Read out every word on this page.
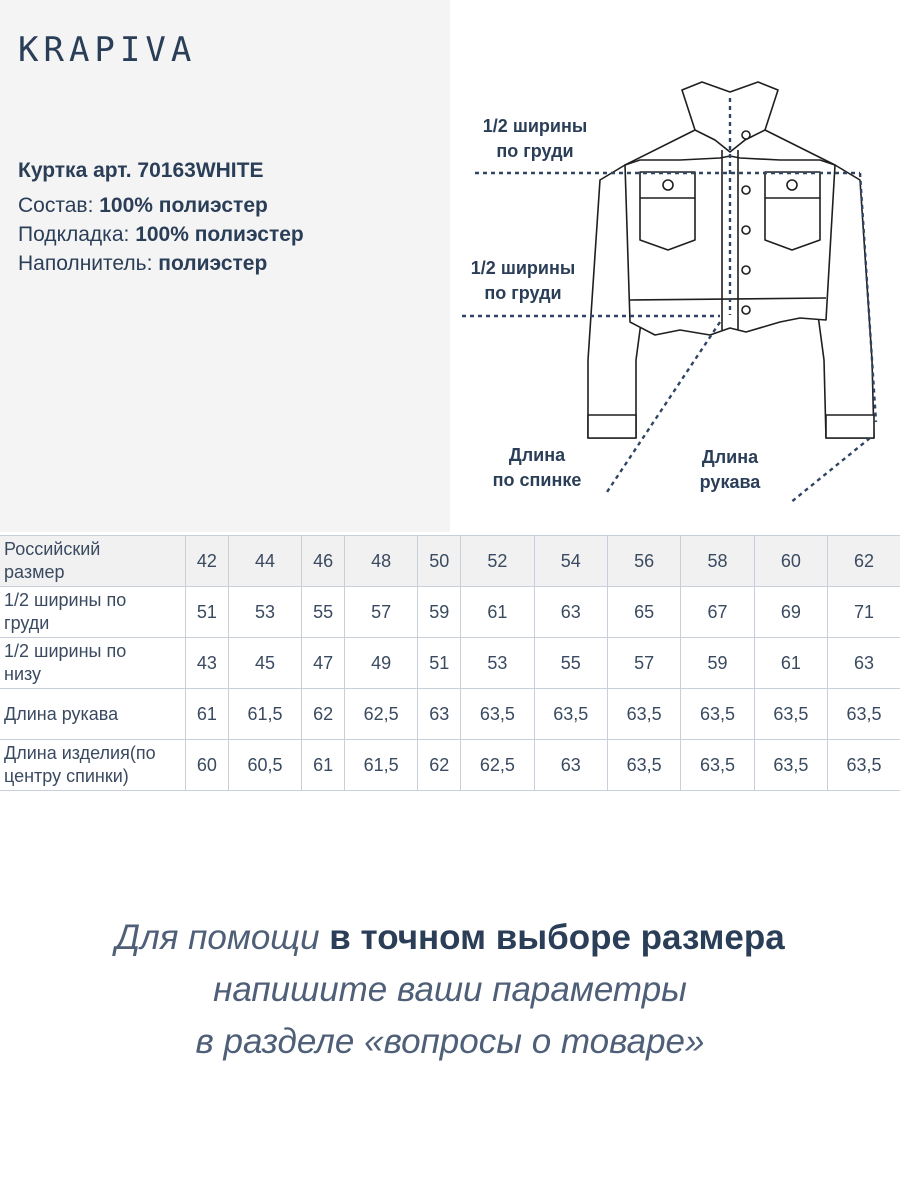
KRAPIVA
Куртка арт. 70163WHITE
Состав: 100% полиэстер
Подкладка: 100% полиэстер
Наполнитель: полиэстер
1/2 ширины
по груди
1/2 ширины
по груди
Длина
по спинке
Длина
рукава
Российский
размер	42	44	46	48	50	52	54	56	58	60	62

1/2 ширины по
груди	51	53	55	57	59	61	63	65	67	69	71

1/2 ширины по
низу	43	45	47	49	51	53	55	57	59	61	63

Длина рукава	61	61,5	62	62,5	63	63,5	63,5	63,5	63,5	63,5	63,5

Длина изделия(по
центру спинки)	60	60,5	61	61,5	62	62,5	63	63,5	63,5	63,5	63,5
Для помощи в точном выборе размера
напишите ваши параметры
в разделе «вопросы о товаре»
